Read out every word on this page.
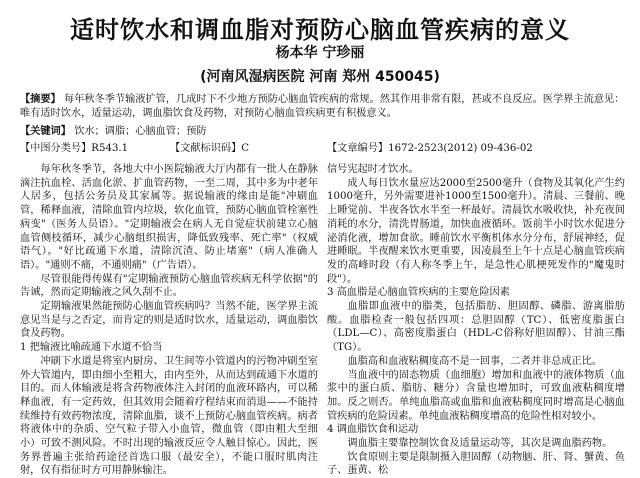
适时饮水和调血脂对预防心脑血管疾病的意义
杨本华 宁珍丽
(河南风湿病医院 河南 郑州 450045)
【摘要】 每年秋冬季节输液扩管，几成时下不少地方预防心脑血管疾病的常规。然其作用非常有限，甚或不良反应。医学界主流意见：唯有适时饮水，适量运动，调血脂饮食及药物，对预防心脑血管疾病更有积极意义。
【关键词】 饮水；调脂；心脑血管；预防
【中图分类号】R543.1	【文献标识码】C	【文章编号】1672-2523(2012) 09-436-02

每年秋冬季节，各地大中小医院输液大厅内都有一批人在静脉滴注抗血栓、活血化淤、扩血管药物，一至二周，其中多为中老年人居多，包括公务员及其家属等。据说输液的缘由是能"冲刷血管，稀释血液，清除血管内垃圾，软化血管，预防心脑血管栓塞性病变"（医务人员语）。"定期输液会在病人无自觉症状前建立心脑血管侧枝循环，减少心脑组织损害，降低致残率、死亡率"（权威语气）。"好比疏通下水道，清除沉渣、防止堵塞"（病人准确人语）。"通则不痛，不通则痛"（广告语）。

尽管很能得传媒有"定期输液预防心脑血管疾病无科学依据"的告诫，然而定期输液之风久刮不止。

定期输液果然能预防心脑血管疾病吗？当然不能，医学界主流意见当是与之否定，而肯定的则是适时饮水，适量运动，调血脂饮食及药物。

1 把输液比喻疏通下水道不恰当

冲刷下水道是将室内厨房、卫生间等小管道内的污物冲刷至室外大管道内，即由细小至粗大，由内至外，从而达到疏通下水道的目的。而人体输液是将含药物液体注入封闭的血液环路内，可以稀释血液，有一定药效，但其效用会随着疗程结束而消退——不能持续维持有效药物浓度，清除血脂，谈不上预防心脑血管疾病。病者将液体中的杂质、空气粒子带入小血管，微血管（即由粗大至细小）可致不测风险。不时出现的输液反应令人触目惊心。因此，医务界普遍主张给药途径首选口服（最安全），不能口服时肌肉注射，仅有指征时方可用静脉输注。

信号宪起时才饮水。

成人每日饮水量应达2000至2500毫升（食物及其氧化产生约1000毫升，另外需要进补1000至1500毫升）。清晨、三餐前、晚上睡觉前、半夜各饮水半至一杯最好。清晨饮水吸收快，补充夜间消耗的水分，清洗胃肠道，加快血液循环。饭前半小时饮水促进分泌消化液，增加食欲。睡前饮水平衡机体水分分布，舒展神经，促进睡眠。半夜醒来饮水更重要，因凌晨至上午十点是心脑血管疾病发的高峰时段（有人称冬季上午，是急性心肌梗死发作的"魔鬼时段"）。

3 高血脂是心脑血管疾病的主要危险因素

血脂即血液中的脂类，包括脂肪、胆固醇、磷脂、游离脂肪酸。血脂检查一般包括四项：总胆固醇（TC）、低密度脂蛋白（LDL—C）、高密度脂蛋白（HDL-C俗称好胆固醇）、甘油三酯（TG）。

血脂高和血液粘稠度高不是一回事，二者并非总成正比。

当血液中的固态物质（血细胞）增加和血液中的液体物质（血浆中的蛋白质、脂肪、糖分）含量也增加时，可致血液粘稠度增加。反之则否。单纯血脂高或血脂和血液粘稠度同时增高是心脑血管疾病的危险因素。单纯血液粘稠度增高的危险性相对较小。

4 调血脂饮食和运动

调血脂主要靠控制饮食及适量运动等，其次是调血脂药物。

饮食原则主要是限制摄入胆固醇（动物脑、肝、肾、蟹黄、鱼子、蛋黄、松
